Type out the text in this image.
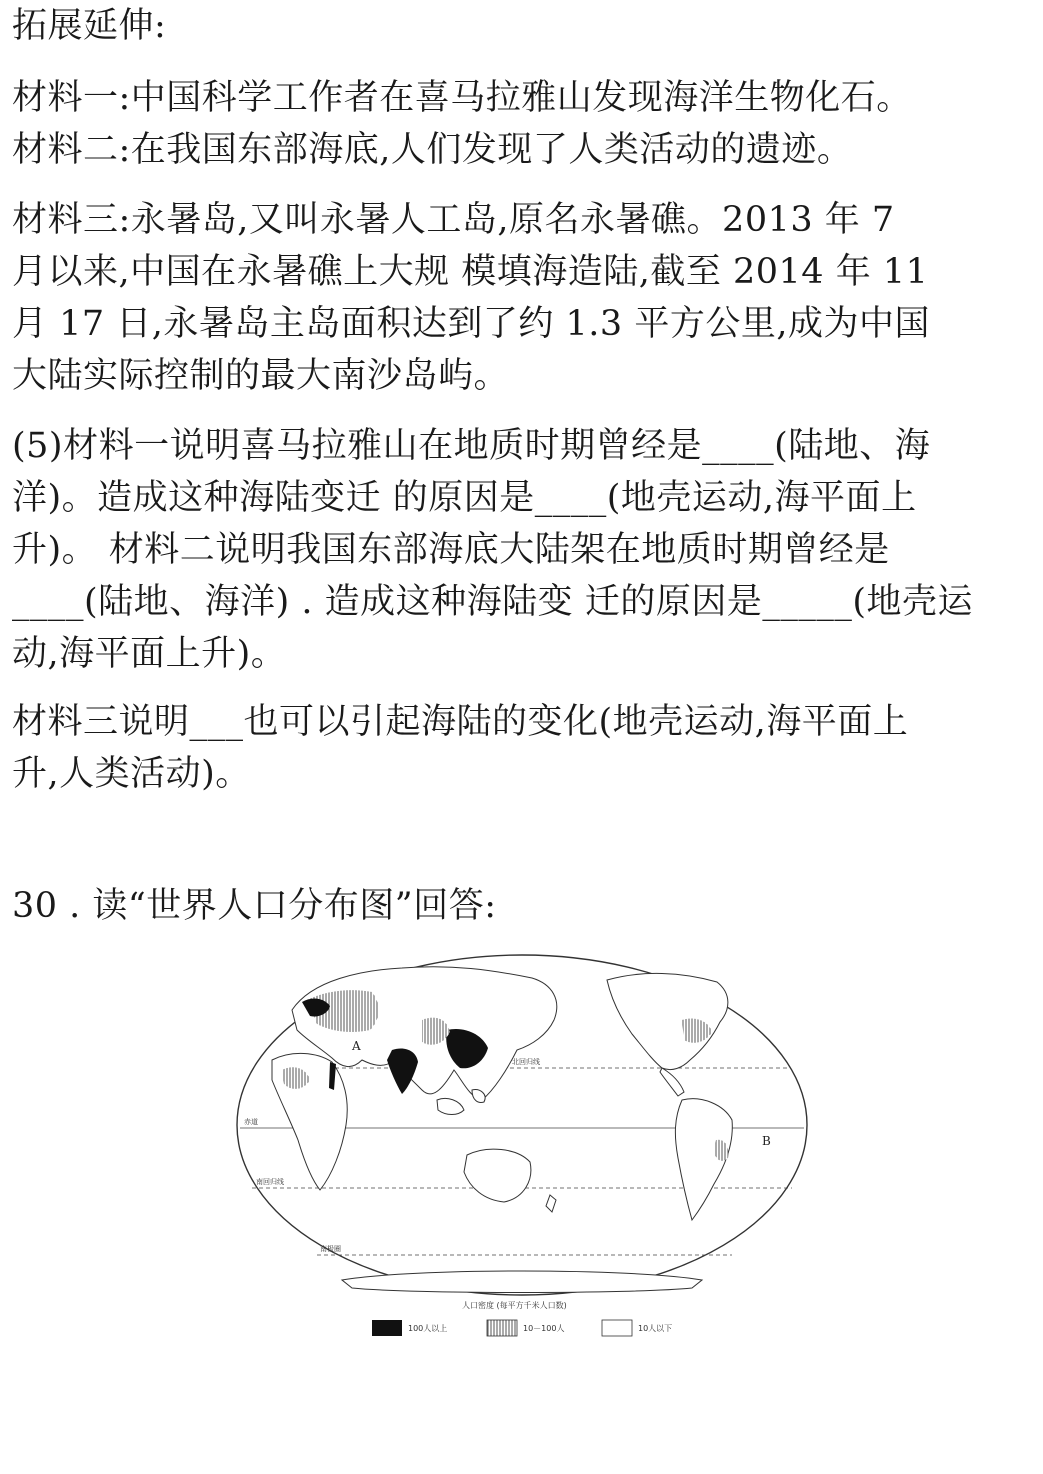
拓展延伸:
材料一:中国科学工作者在喜马拉雅山发现海洋生物化石。
材料二:在我国东部海底,人们发现了人类活动的遗迹。
材料三:永暑岛,又叫永暑人工岛,原名永暑礁。2013 年 7
月以来,中国在永暑礁上大规 模填海造陆,截至 2014 年 11
月 17 日,永暑岛主岛面积达到了约 1.3 平方公里,成为中国
大陆实际控制的最大南沙岛屿。
(5)材料一说明喜马拉雅山在地质时期曾经是____(陆地、海
洋)。造成这种海陆变迁 的原因是____(地壳运动,海平面上
升)。 材料二说明我国东部海底大陆架在地质时期曾经是
____(陆地、海洋) . 造成这种海陆变 迁的原因是_____(地壳运
动,海平面上升)。
材料三说明___也可以引起海陆的变化(地壳运动,海平面上
升,人类活动)。
30 . 读“世界人口分布图”回答:
北回归线
赤道
南回归线
南极圈
A
B
人口密度 (每平方千米人口数)
100人以上	10－100人	10人以下
